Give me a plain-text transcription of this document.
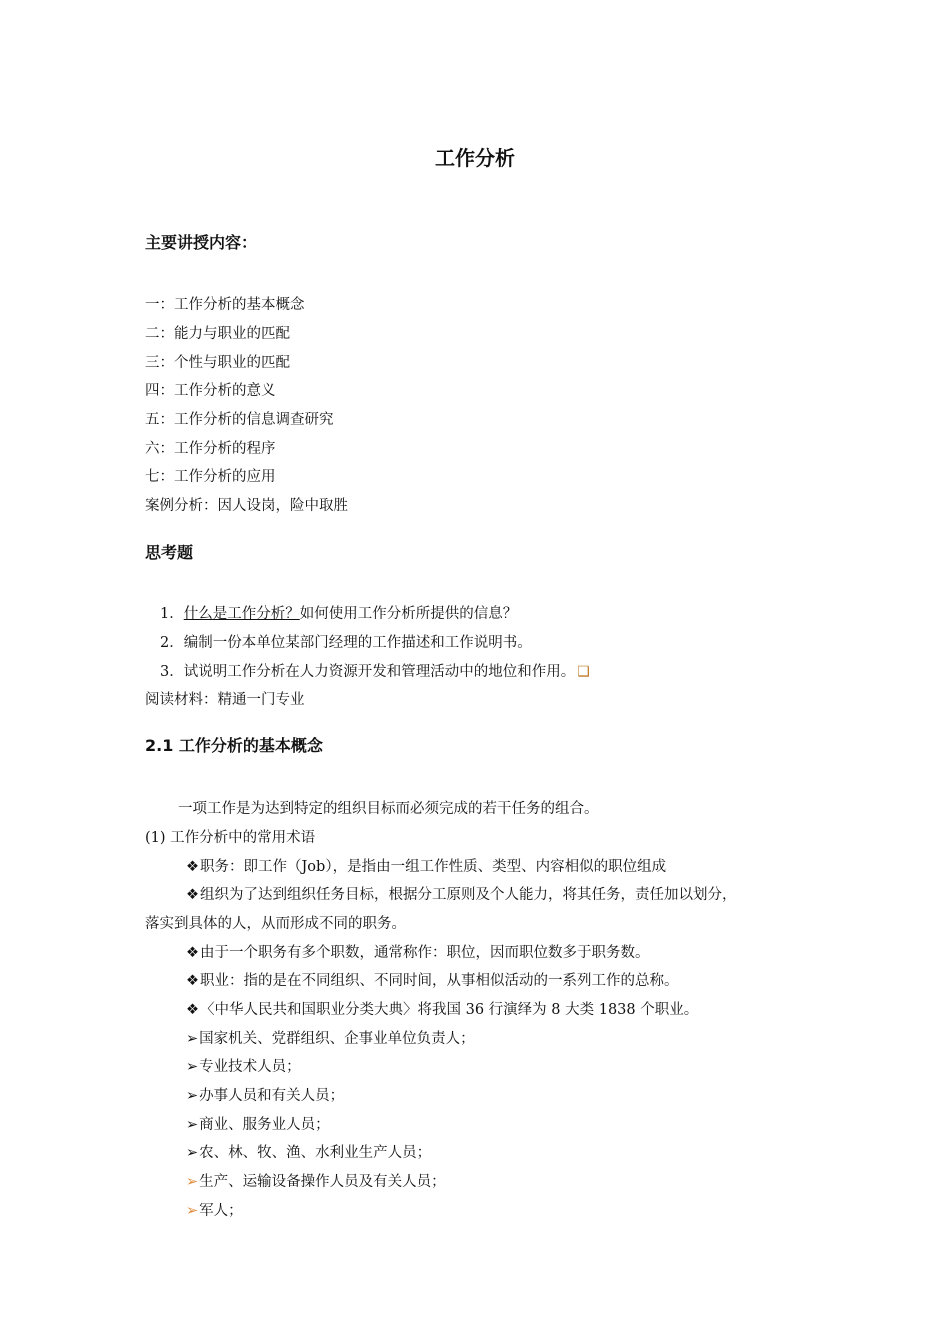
工作分析
主要讲授内容：
一：工作分析的基本概念
二：能力与职业的匹配
三：个性与职业的匹配
四：工作分析的意义
五：工作分析的信息调查研究
六：工作分析的程序
七：工作分析的应用
案例分析：因人设岗，险中取胜
思考题
1．什么是工作分析？如何使用工作分析所提供的信息？
2．编制一份本单位某部门经理的工作描述和工作说明书。
3．试说明工作分析在人力资源开发和管理活动中的地位和作用。 ❑
阅读材料：精通一门专业
2.1 工作分析的基本概念
一项工作是为达到特定的组织目标而必须完成的若干任务的组合。
(1) 工作分析中的常用术语
❖职务：即工作（Job），是指由一组工作性质、类型、内容相似的职位组成
❖组织为了达到组织任务目标，根据分工原则及个人能力，将其任务，责任加以划分，
落实到具体的人，从而形成不同的职务。
❖由于一个职务有多个职数，通常称作：职位，因而职位数多于职务数。
❖职业：指的是在不同组织、不同时间，从事相似活动的一系列工作的总称。
❖〈中华人民共和国职业分类大典〉将我国 36 行演绎为 8 大类 1838 个职业。
➢国家机关、党群组织、企事业单位负责人；
➢专业技术人员；
➢办事人员和有关人员；
➢商业、服务业人员；
➢农、林、牧、渔、水利业生产人员；
➢生产、运输设备操作人员及有关人员；
➢军人；
